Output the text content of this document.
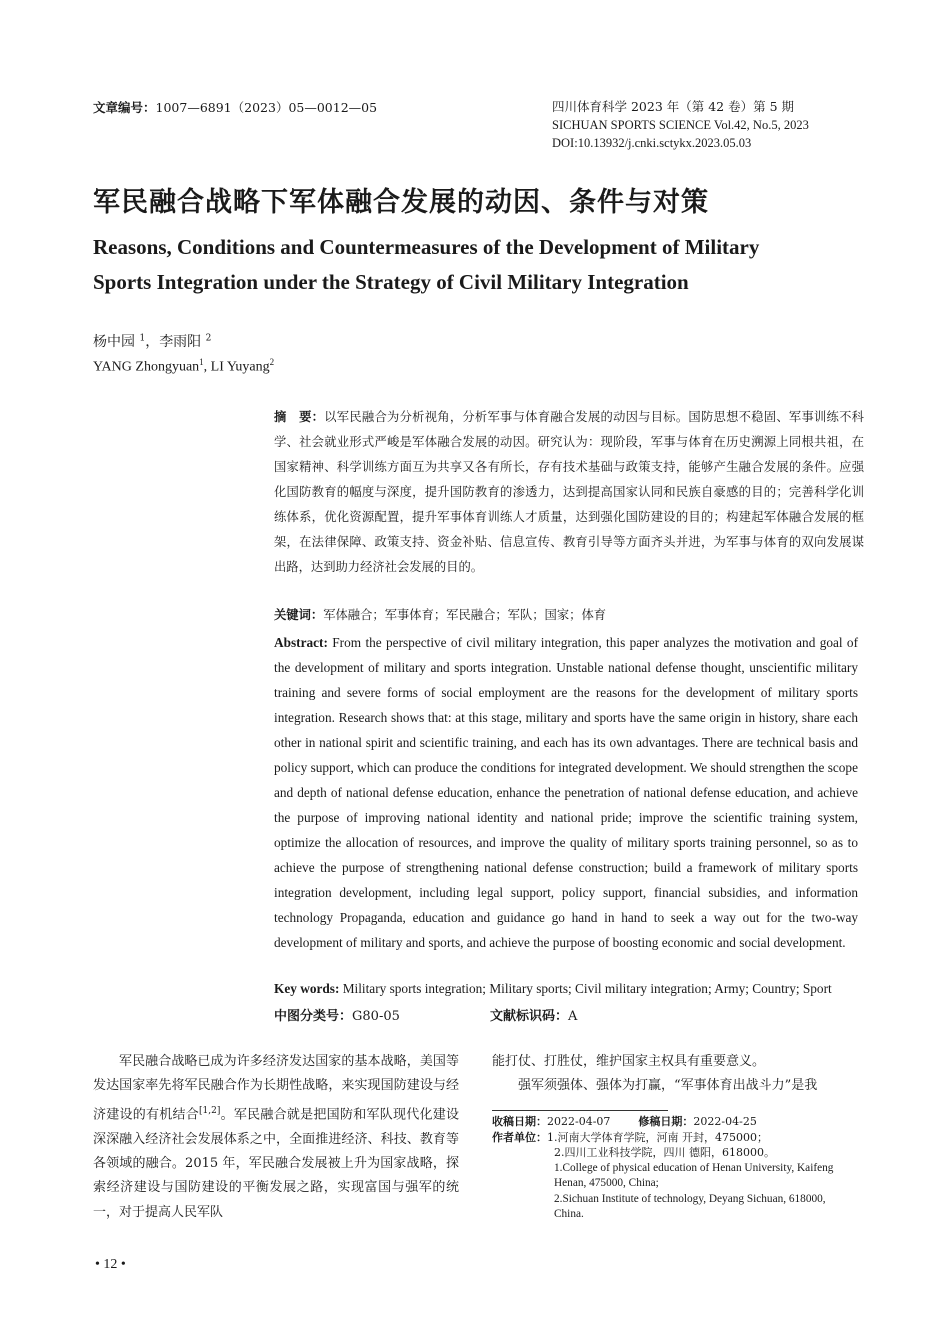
文章编号：1007—6891（2023）05—0012—05	四川体育科学 2023 年（第 42 卷）第 5 期
SICHUAN SPORTS SCIENCE Vol.42, No.5, 2023
DOI:10.13932/j.cnki.sctykx.2023.05.03
军民融合战略下军体融合发展的动因、条件与对策
Reasons, Conditions and Countermeasures of the Development of Military
Sports Integration under the Strategy of Civil Military Integration
杨中园 $^1$，李雨阳 $^2$
YANG Zhongyuan$^1$, LI Yuyang$^2$
摘　要：以军民融合为分析视角，分析军事与体育融合发展的动因与目标。国防思想不稳固、军事训练不科学、社会就业形式严峻是军体融合发展的动因。研究认为：现阶段，军事与体育在历史溯源上同根共祖，在国家精神、科学训练方面互为共享又各有所长，存有技术基础与政策支持，能够产生融合发展的条件。应强化国防教育的幅度与深度，提升国防教育的渗透力，达到提高国家认同和民族自豪感的目的；完善科学化训练体系，优化资源配置，提升军事体育训练人才质量，达到强化国防建设的目的；构建起军体融合发展的框架，在法律保障、政策支持、资金补贴、信息宣传、教育引导等方面齐头并进，为军事与体育的双向发展谋出路，达到助力经济社会发展的目的。
关键词：军体融合；军事体育；军民融合；军队；国家；体育
Abstract: From the perspective of civil military integration, this paper analyzes the motivation and goal of the development of military and sports integration. Unstable national defense thought, unscientific military training and severe forms of social employment are the reasons for the development of military sports integration. Research shows that: at this stage, military and sports have the same origin in history, share each other in national spirit and scientific training, and each has its own advantages. There are technical basis and policy support, which can produce the conditions for integrated development. We should strengthen the scope and depth of national defense education, enhance the penetration of national defense education, and achieve the purpose of improving national identity and national pride; improve the scientific training system, optimize the allocation of resources, and improve the quality of military sports training personnel, so as to achieve the purpose of strengthening national defense construction; build a framework of military sports integration development, including legal support, policy support, financial subsidies, and information technology Propaganda, education and guidance go hand in hand to seek a way out for the two-way development of military and sports, and achieve the purpose of boosting economic and social development.
Key words: Military sports integration; Military sports; Civil military integration; Army; Country; Sport
中图分类号：G80-05	文献标识码：A
军民融合战略已成为许多经济发达国家的基本战略，美国等发达国家率先将军民融合作为长期性战略，来实现国防建设与经济建设的有机结合[1,2]。军民融合就是把国防和军队现代化建设深深融入经济社会发展体系之中，全面推进经济、科技、教育等各领域的融合。2015 年，军民融合发展被上升为国家战略，探索经济建设与国防建设的平衡发展之路，实现富国与强军的统一，对于提高人民军队

能打仗、打胜仗，维护国家主权具有重要意义。

强军须强体、强体为打赢，“军事体育出战斗力”是我

收稿日期：2022-04-07	修稿日期：2022-04-25
作者单位：1.河南大学体育学院，河南 开封，475000；
2.四川工业科技学院，四川 德阳，618000。
1.College of physical education of Henan University, Kaifeng
Henan, 475000, China;
2.Sichuan Institute of technology, Deyang Sichuan, 618000,
China.
• 12 •
